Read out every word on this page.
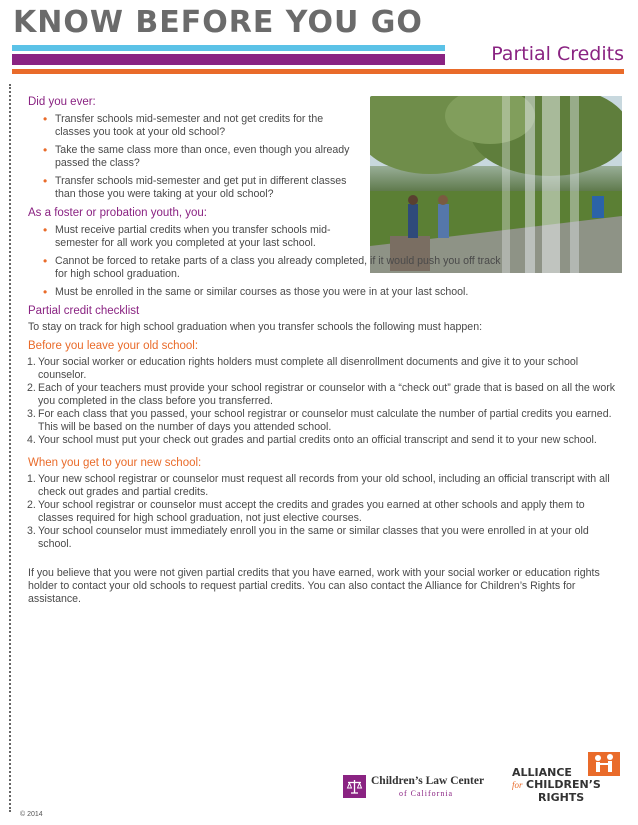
KNOW BEFORE YOU GO
Partial Credits
Did you ever:
• Transfer schools mid-semester and not get credits for the classes you took at your old school?
• Take the same class more than once, even though you already passed the class?
• Transfer schools mid-semester and get put in different classes than those you were taking at your old school?
As a foster or probation youth, you:
• Must receive partial credits when you transfer schools mid-semester for all work you completed at your last school.
• Cannot be forced to retake parts of a class you already completed, if it would push you off track for high school graduation.
• Must be enrolled in the same or similar courses as those you were in at your last school.
Partial credit checklist
To stay on track for high school graduation when you transfer schools the following must happen:
Before you leave your old school:
1. Your social worker or education rights holders must complete all disenrollment documents and give it to your school counselor.
2. Each of your teachers must provide your school registrar or counselor with a “check out” grade that is based on all the work you completed in the class before you transferred.
3. For each class that you passed, your school registrar or counselor must calculate the number of partial credits you earned. This will be based on the number of days you attended school.
4. Your school must put your check out grades and partial credits onto an official transcript and send it to your new school.
When you get to your new school:
1. Your new school registrar or counselor must request all records from your old school, including an official transcript with all check out grades and partial credits.
2. Your school registrar or counselor must accept the credits and grades you earned at other schools and apply them to classes required for high school graduation, not just elective courses.
3. Your school counselor must immediately enroll you in the same or similar classes that you were enrolled in at your old school.
If you believe that you were not given partial credits that you have earned, work with your social worker or education rights holder to contact your old schools to request partial credits. You can also contact the Alliance for Children’s Rights for assistance.
Children’s Law Center
of California
ALLIANCE
for CHILDREN’S
RIGHTS
© 2014
